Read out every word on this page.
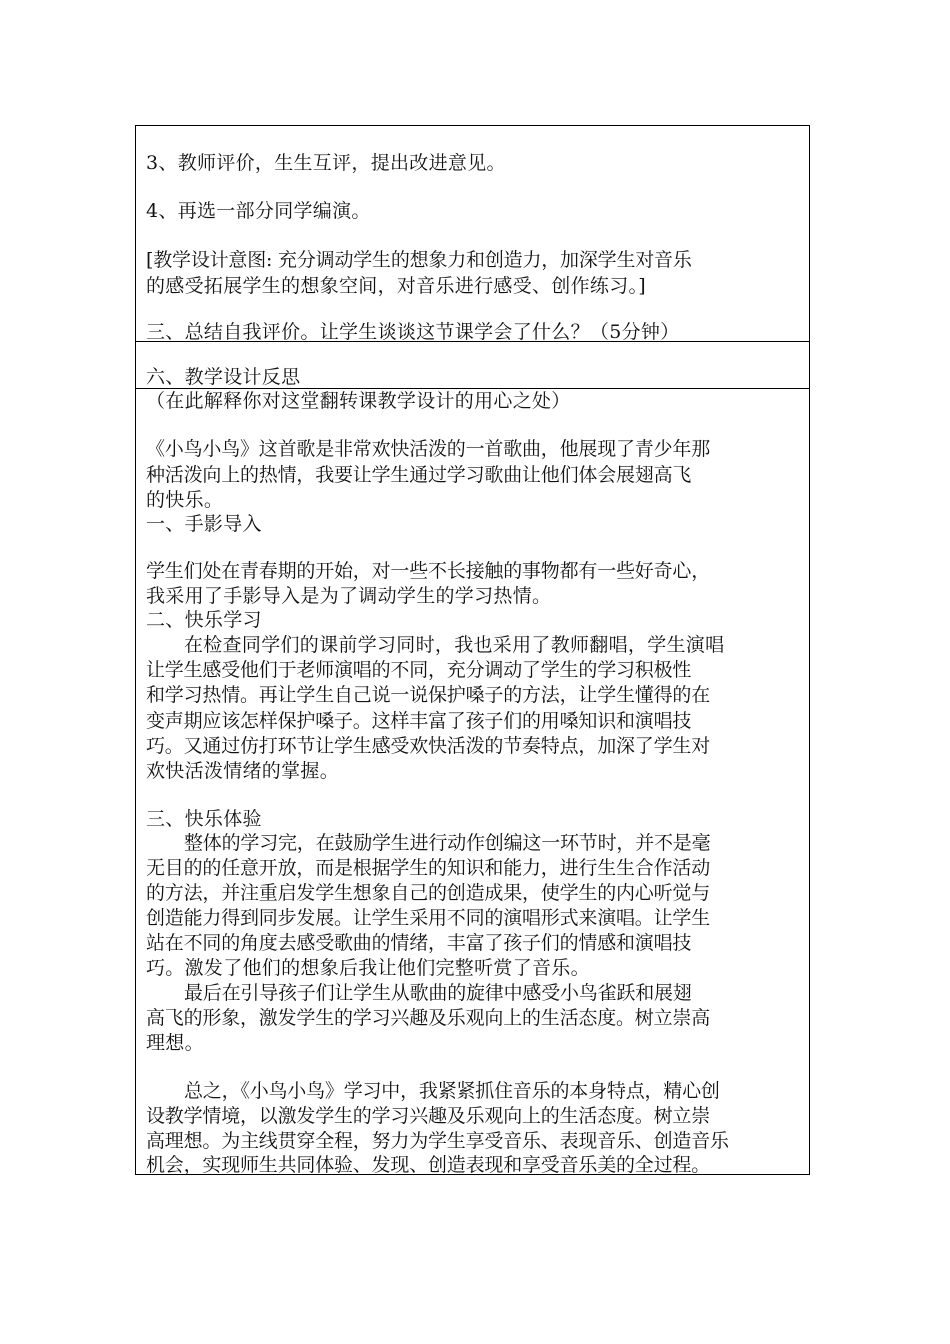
3、教师评价，生生互评，提出改进意见。
4、再选一部分同学编演。
[教学设计意图: 充分调动学生的想象力和创造力，加深学生对音乐
的感受拓展学生的想象空间，对音乐进行感受、创作练习。]
三、总结自我评价。让学生谈谈这节课学会了什么？（5分钟）
六、教学设计反思
（在此解释你对这堂翻转课教学设计的用心之处）
《小鸟小鸟》这首歌是非常欢快活泼的一首歌曲，他展现了青少年那
种活泼向上的热情，我要让学生通过学习歌曲让他们体会展翅高飞
的快乐。
一、手影导入
学生们处在青春期的开始，对一些不长接触的事物都有一些好奇心，
我采用了手影导入是为了调动学生的学习热情。
二、快乐学习
在检查同学们的课前学习同时，我也采用了教师翻唱，学生演唱
让学生感受他们于老师演唱的不同，充分调动了学生的学习积极性
和学习热情。再让学生自己说一说保护嗓子的方法，让学生懂得的在
变声期应该怎样保护嗓子。这样丰富了孩子们的用嗓知识和演唱技
巧。又通过仿打环节让学生感受欢快活泼的节奏特点，加深了学生对
欢快活泼情绪的掌握。
三、快乐体验
整体的学习完，在鼓励学生进行动作创编这一环节时，并不是毫
无目的的任意开放，而是根据学生的知识和能力，进行生生合作活动
的方法，并注重启发学生想象自己的创造成果，使学生的内心听觉与
创造能力得到同步发展。让学生采用不同的演唱形式来演唱。让学生
站在不同的角度去感受歌曲的情绪，丰富了孩子们的情感和演唱技
巧。激发了他们的想象后我让他们完整听赏了音乐。
最后在引导孩子们让学生从歌曲的旋律中感受小鸟雀跃和展翅
高飞的形象，激发学生的学习兴趣及乐观向上的生活态度。树立崇高
理想。
总之，《小鸟小鸟》学习中，我紧紧抓住音乐的本身特点，精心创
设教学情境，以激发学生的学习兴趣及乐观向上的生活态度。树立崇
高理想。为主线贯穿全程，努力为学生享受音乐、表现音乐、创造音乐
机会，实现师生共同体验、发现、创造表现和享受音乐美的全过程。
